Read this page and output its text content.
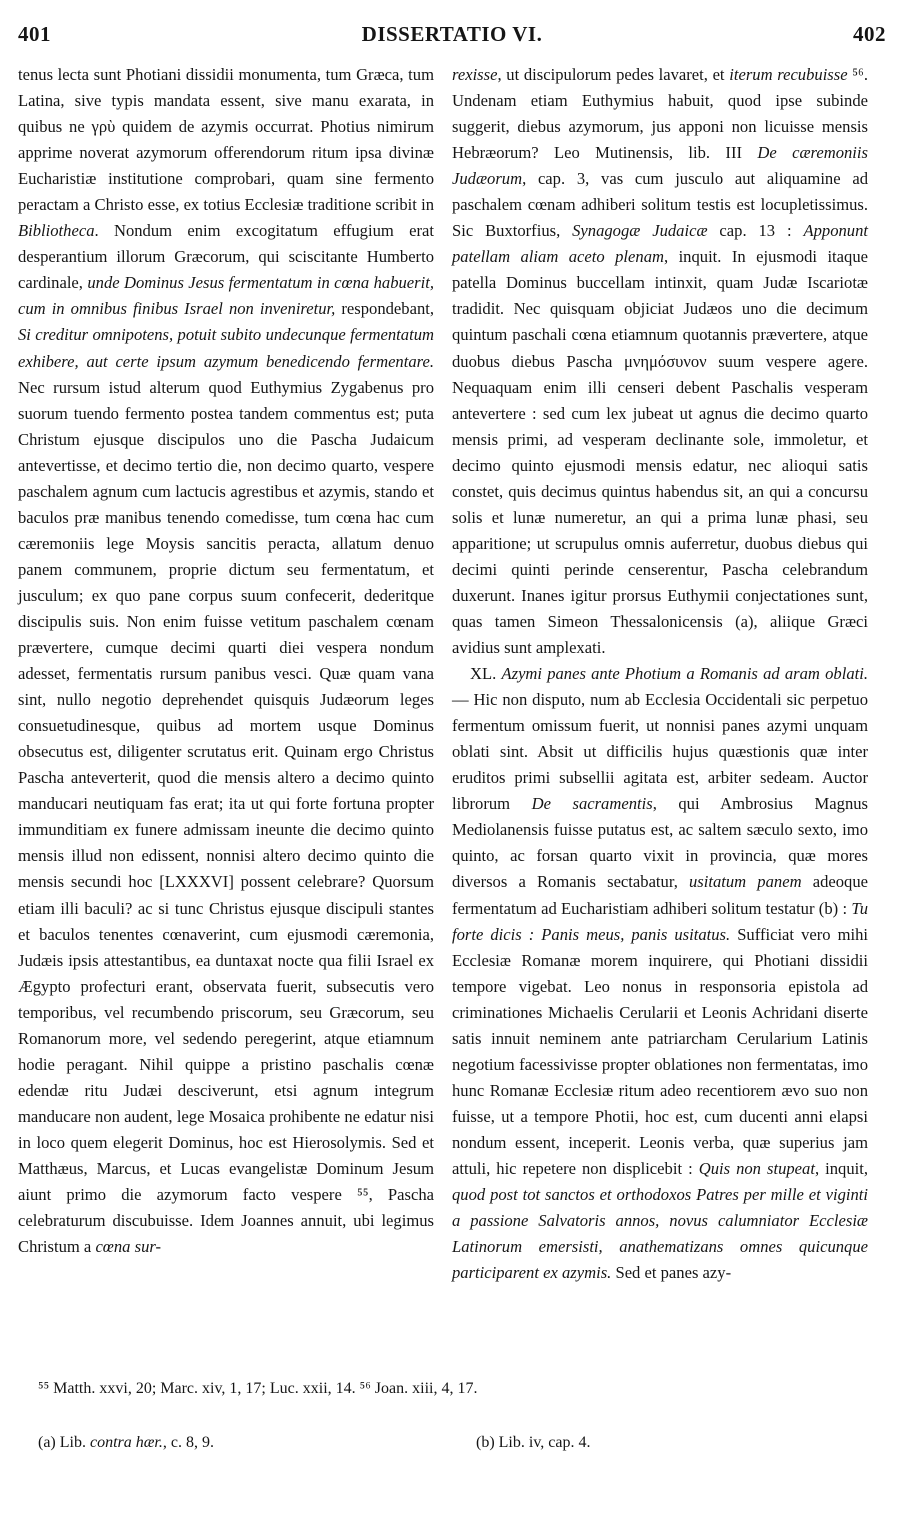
401	DISSERTATIO VI.	402

tenus lecta sunt Photiani dissidii monumenta, tum Græca, tum Latina, sive typis mandata essent, sive manu exarata, in quibus ne γρὺ quidem de azymis occurrat. Photius nimirum apprime noverat azymorum offerendorum ritum ipsa divinæ Eucharistiæ institutione comprobari, quam sine fermento peractam a Christo esse, ex totius Ecclesiæ traditione scribit in Bibliotheca. Nondum enim excogitatum effugium erat desperantium illorum Græcorum, qui sciscitante Humberto cardinale, unde Dominus Jesus fermentatum in cœna habuerit, cum in omnibus finibus Israel non inveniretur, respondebant, Si creditur omnipotens, potuit subito undecunque fermentatum exhibere, aut certe ipsum azymum benedicendo fermentare. Nec rursum istud alterum quod Euthymius Zygabenus pro suorum tuendo fermento postea tandem commentus est; puta Christum ejusque discipulos uno die Pascha Judaicum antevertisse, et decimo tertio die, non decimo quarto, vespere paschalem agnum cum lactucis agrestibus et azymis, stando et baculos præ manibus tenendo comedisse, tum cœna hac cum cæremoniis lege Moysis sancitis peracta, allatum denuo panem communem, proprie dictum seu fermentatum, et jusculum; ex quo pane corpus suum confecerit, dederitque discipulis suis. Non enim fuisse vetitum paschalem cœnam prævertere, cumque decimi quarti diei vespera nondum adesset, fermentatis rursum panibus vesci. Quæ quam vana sint, nullo negotio deprehendet quisquis Judæorum leges consuetudinesque, quibus ad mortem usque Dominus obsecutus est, diligenter scrutatus erit. Quinam ergo Christus Pascha anteverterit, quod die mensis altero a decimo quinto manducari neutiquam fas erat; ita ut qui forte fortuna propter immunditiam ex funere admissam ineunte die decimo quinto mensis illud non edissent, nonnisi altero decimo quinto die mensis secundi hoc [LXXXVI] possent celebrare? Quorsum etiam illi baculi? ac si tunc Christus ejusque discipuli stantes et baculos tenentes cœnaverint, cum ejusmodi cæremonia, Judæis ipsis attestantibus, ea duntaxat nocte qua filii Israel ex Ægypto profecturi erant, observata fuerit, subsecutis vero temporibus, vel recumbendo priscorum, seu Græcorum, seu Romanorum more, vel sedendo peregerint, atque etiamnum hodie peragant. Nihil quippe a pristino paschalis cœnæ edendæ ritu Judæi desciverunt, etsi agnum integrum manducare non audent, lege Mosaica prohibente ne edatur nisi in loco quem elegerit Dominus, hoc est Hierosolymis. Sed et Matthæus, Marcus, et Lucas evangelistæ Dominum Jesum aiunt primo die azymorum facto vespere ⁵⁵, Pascha celebraturum discubuisse. Idem Joannes annuit, ubi legimus Christum a cœna sur-

rexisse, ut discipulorum pedes lavaret, et iterum recubuisse ⁵⁶. Undenam etiam Euthymius habuit, quod ipse subinde suggerit, diebus azymorum, jus apponi non licuisse mensis Hebræorum? Leo Mutinensis, lib. III De cæremoniis Judæorum, cap. 3, vas cum jusculo aut aliquamine ad paschalem cœnam adhiberi solitum testis est locupletissimus. Sic Buxtorfius, Synagogæ Judaicæ cap. 13 : Apponunt patellam aliam aceto plenam, inquit. In ejusmodi itaque patella Dominus buccellam intinxit, quam Judæ Iscariotæ tradidit. Nec quisquam objiciat Judæos uno die decimum quintum paschali cœna etiamnum quotannis prævertere, atque duobus diebus Pascha μνημόσυνον suum vespere agere. Nequaquam enim illi censeri debent Paschalis vesperam antevertere : sed cum lex jubeat ut agnus die decimo quarto mensis primi, ad vesperam declinante sole, immoletur, et decimo quinto ejusmodi mensis edatur, nec alioqui satis constet, quis decimus quintus habendus sit, an qui a concursu solis et lunæ numeretur, an qui a prima lunæ phasi, seu apparitione; ut scrupulus omnis auferretur, duobus diebus qui decimi quinti perinde censerentur, Pascha celebrandum duxerunt. Inanes igitur prorsus Euthymii conjectationes sunt, quas tamen Simeon Thessalonicensis (a), aliique Græci avidius sunt amplexati.

XL. Azymi panes ante Photium a Romanis ad aram oblati. — Hic non disputo, num ab Ecclesia Occidentali sic perpetuo fermentum omissum fuerit, ut nonnisi panes azymi unquam oblati sint. Absit ut difficilis hujus quæstionis quæ inter eruditos primi subsellii agitata est, arbiter sedeam. Auctor librorum De sacramentis, qui Ambrosius Magnus Mediolanensis fuisse putatus est, ac saltem sæculo sexto, imo quinto, ac forsan quarto vixit in provincia, quæ mores diversos a Romanis sectabatur, usitatum panem adeoque fermentatum ad Eucharistiam adhiberi solitum testatur (b) : Tu forte dicis : Panis meus, panis usitatus. Sufficiat vero mihi Ecclesiæ Romanæ morem inquirere, qui Photiani dissidii tempore vigebat. Leo nonus in responsoria epistola ad criminationes Michaelis Cerularii et Leonis Achridani diserte satis innuit neminem ante patriarcham Cerularium Latinis negotium facessivisse propter oblationes non fermentatas, imo hunc Romanæ Ecclesiæ ritum adeo recentiorem ævo suo non fuisse, ut a tempore Photii, hoc est, cum ducenti anni elapsi nondum essent, inceperit. Leonis verba, quæ superius jam attuli, hic repetere non displicebit : Quis non stupeat, inquit, quod post tot sanctos et orthodoxos Patres per mille et viginti a passione Salvatoris annos, novus calumniator Ecclesiæ Latinorum emersisti, anathematizans omnes quicunque participarent ex azymis. Sed et panes azy-

⁵⁵ Matth. xxvi, 20; Marc. xiv, 1, 17; Luc. xxii, 14. ⁵⁶ Joan. xiii, 4, 17.
(a) Lib. contra hær., c. 8, 9.	(b) Lib. iv, cap. 4.
